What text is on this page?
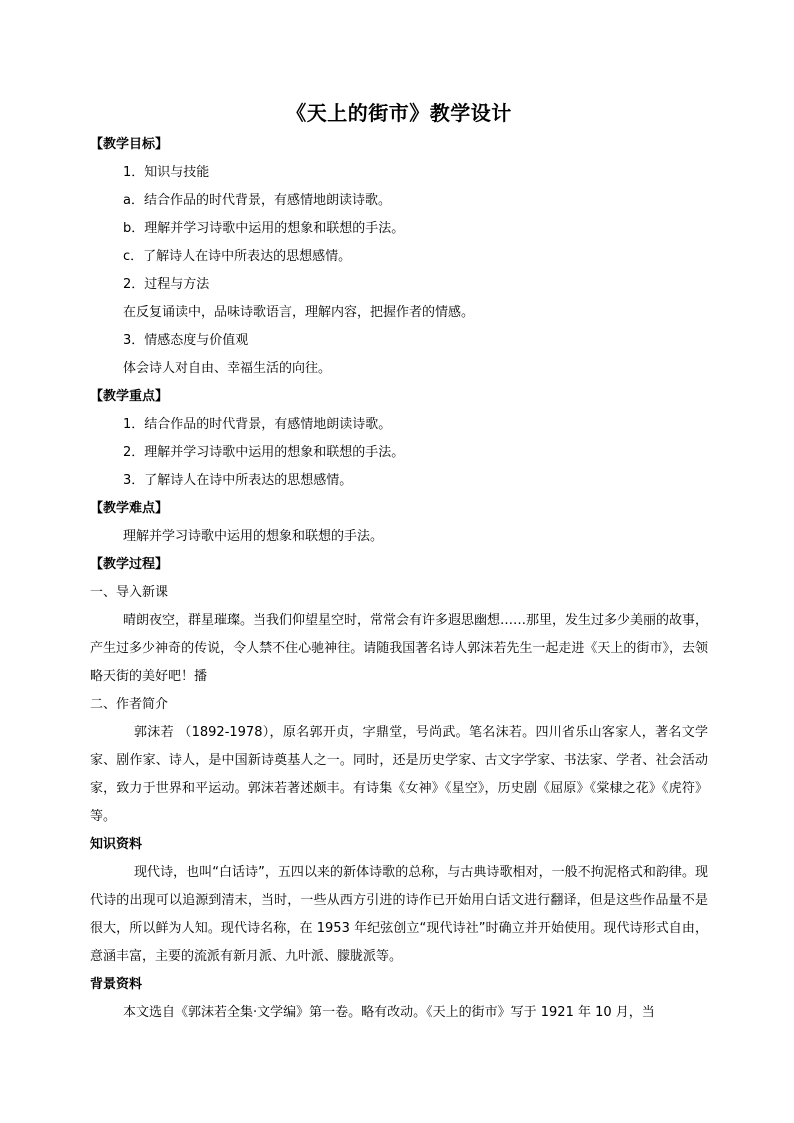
《天上的街市》教学设计

【教学目标】

1．知识与技能

a．结合作品的时代背景，有感情地朗读诗歌。

b．理解并学习诗歌中运用的想象和联想的手法。

c．了解诗人在诗中所表达的思想感情。

2．过程与方法

在反复诵读中，品味诗歌语言，理解内容，把握作者的情感。

3．情感态度与价值观

体会诗人对自由、幸福生活的向往。

【教学重点】

1．结合作品的时代背景，有感情地朗读诗歌。

2．理解并学习诗歌中运用的想象和联想的手法。

3．了解诗人在诗中所表达的思想感情。

【教学难点】

理解并学习诗歌中运用的想象和联想的手法。

【教学过程】

一、导入新课

晴朗夜空，群星璀璨。当我们仰望星空时，常常会有许多遐思幽想……那里，发生过多少美丽的故事，产生过多少神奇的传说，令人禁不住心驰神往。请随我国著名诗人郭沫若先生一起走进《天上的街市》，去领略天街的美好吧！播

二、作者简介

郭沫若 （1892-1978），原名郭开贞，字鼎堂，号尚武。笔名沫若。四川省乐山客家人，著名文学家、剧作家、诗人，是中国新诗奠基人之一。同时，还是历史学家、古文字学家、书法家、学者、社会活动家，致力于世界和平运动。郭沫若著述颇丰。有诗集《女神》《星空》，历史剧《屈原》《棠棣之花》《虎符》等。

知识资料

现代诗，也叫“白话诗”，五四以来的新体诗歌的总称，与古典诗歌相对，一般不拘泥格式和韵律。现代诗的出现可以追源到清末，当时，一些从西方引进的诗作已开始用白话文进行翻译，但是这些作品量不是很大，所以鲜为人知。现代诗名称，在 1953 年纪弦创立“现代诗社”时确立并开始使用。现代诗形式自由，意涵丰富，主要的流派有新月派、九叶派、朦胧派等。

背景资料

本文选自《郭沫若全集·文学编》第一卷。略有改动。《天上的街市》写于 1921 年 10 月，当
